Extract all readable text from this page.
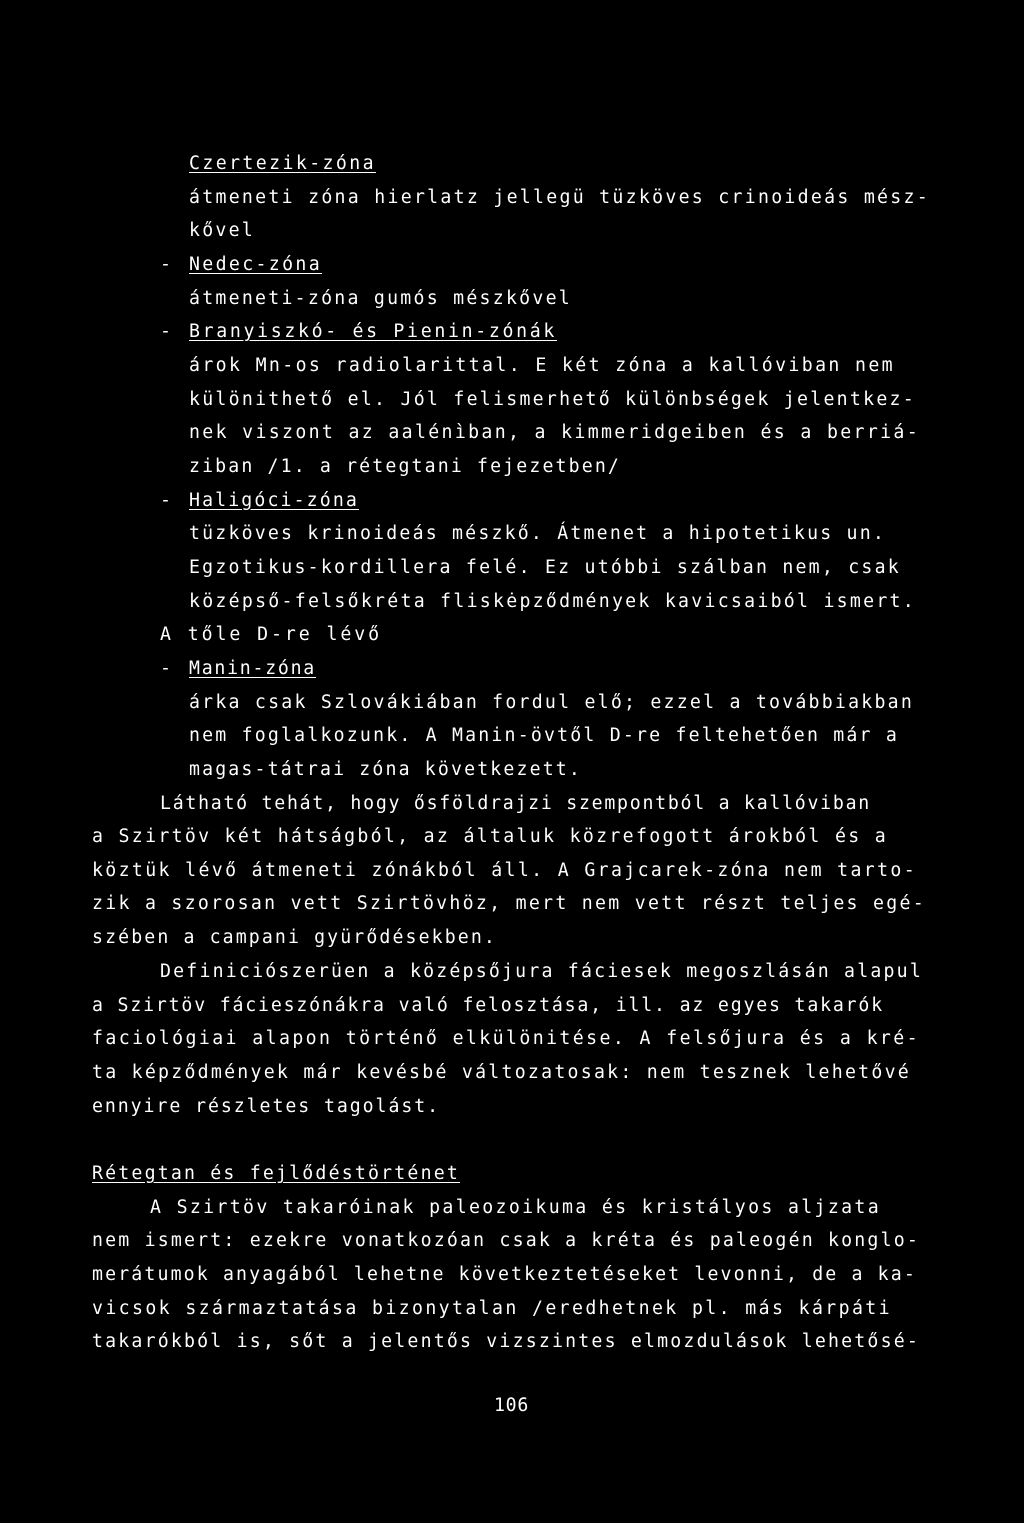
Czertezik-zóna
átmeneti zóna hierlatz jellegü tüzköves crinoideás mész-
kővel
- Nedec-zóna
átmeneti-zóna gumós mészkővel
- Branyiszkó- és Pienin-zónák
árok Mn-os radiolarittal. E két zóna a kallóviban nem
különithető el. Jól felismerhető különbségek jelentkez-
nek viszont az aalénìban, a kimmeridgeiben és a berriá-
ziban /1. a rétegtani fejezetben/
- Haligóci-zóna
tüzköves krinoideás mészkő. Átmenet a hipotetikus un.
Egzotikus-kordillera felé. Ez utóbbi szálban nem, csak
középső-felsőkréta fliskėpződmények kavicsaiból ismert.
A tőle D-re lévő
- Manin-zóna
árka csak Szlovákiában fordul elő; ezzel a továbbiakban
nem foglalkozunk. A Manin-övtől D-re feltehetően már a
magas-tátrai zóna következett.
Látható tehát, hogy ősföldrajzi szempontból a kallóviban
a Szirtöv két hátságból, az általuk közrefogott árokból és a
köztük lévő átmeneti zónákból áll. A Grajcarek-zóna nem tarto-
zik a szorosan vett Szirtövhöz, mert nem vett részt teljes egé-
szében a campani gyürődésekben.
Definiciószerüen a középsőjura fáciesek megoszlásán alapul
a Szirtöv fácieszónákra való felosztása, ill. az egyes takarók
faciológiai alapon történő elkülönitése. A felsőjura és a kré-
ta képződmények már kevésbé változatosak: nem tesznek lehetővé
ennyire részletes tagolást.
Rétegtan és fejlődéstörténet
A Szirtöv takaróinak paleozoikuma és kristályos aljzata
nem ismert: ezekre vonatkozóan csak a kréta és paleogén konglo-
merátumok anyagából lehetne következtetéseket levonni, de a ka-
vicsok származtatása bizonytalan /eredhetnek pl. más kárpáti
takarókból is, sőt a jelentős vizszintes elmozdulások lehetősé-
106
